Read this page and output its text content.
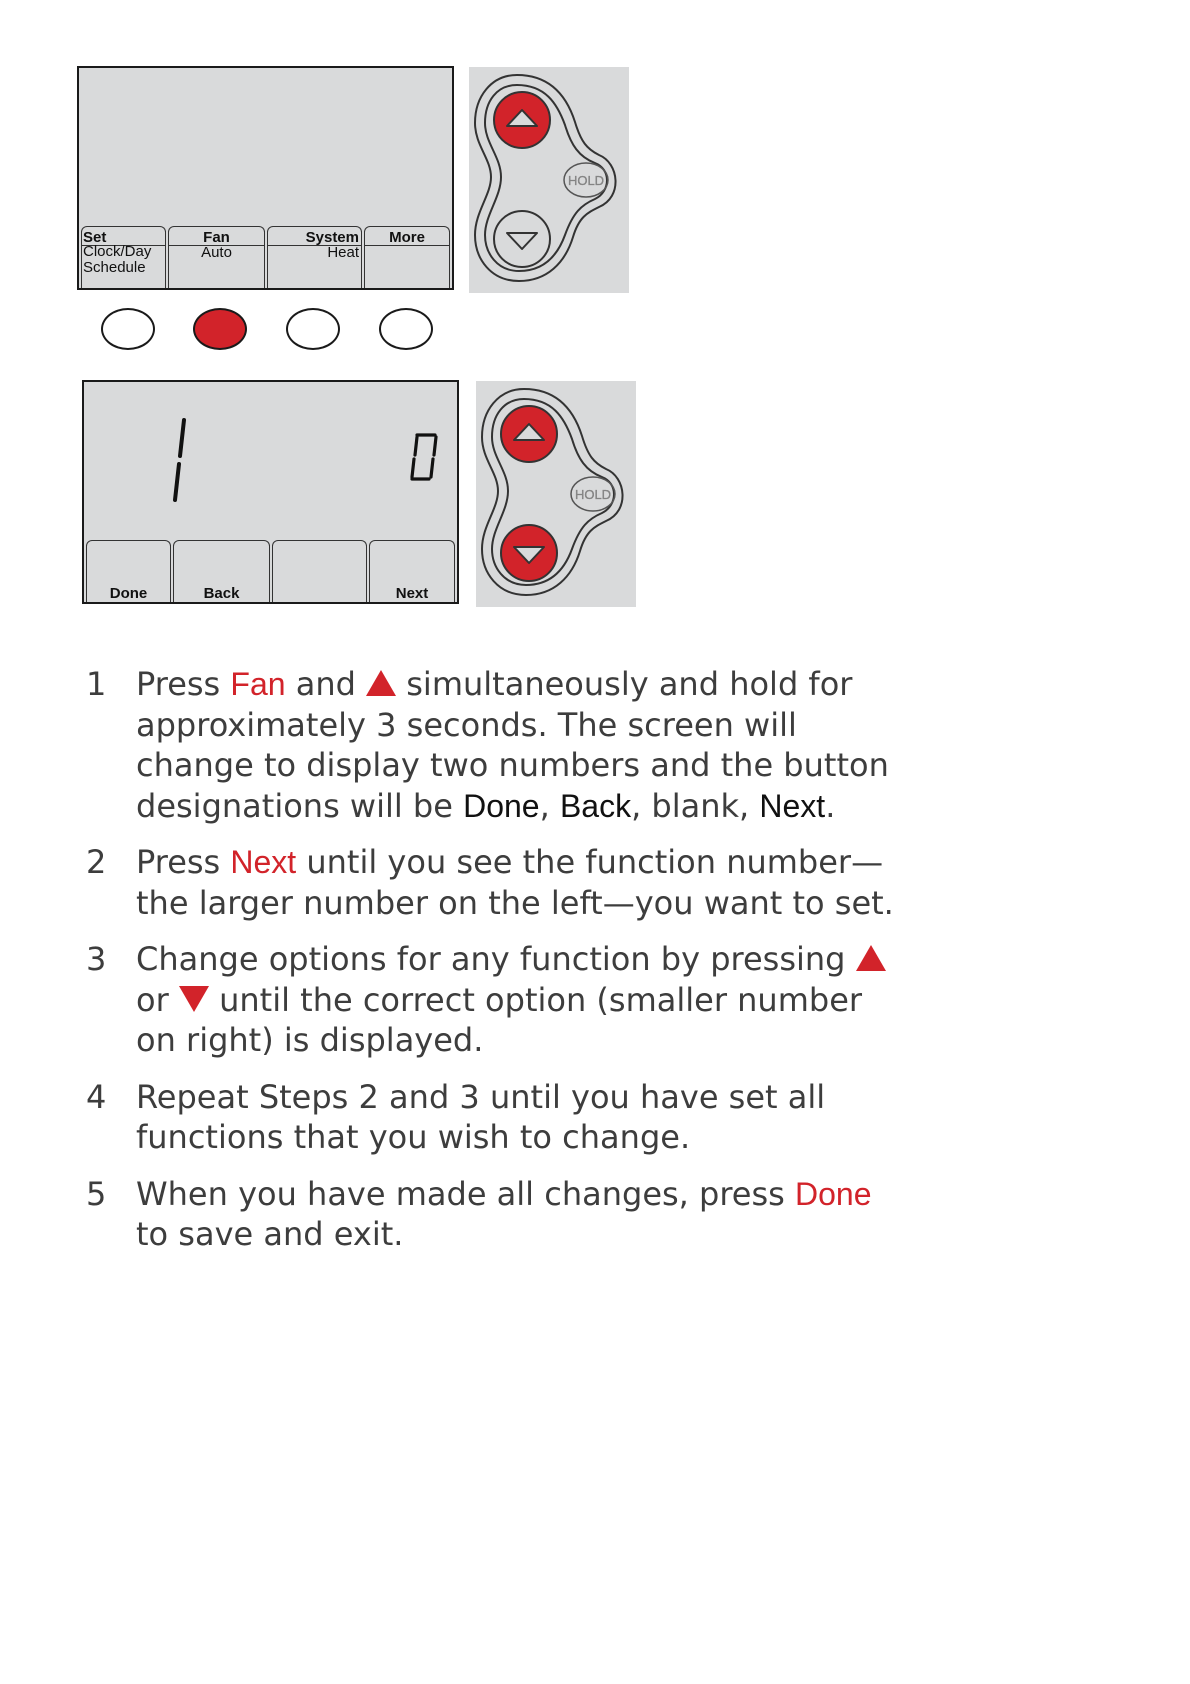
Set
Clock/Day
Schedule
Fan
Auto
System
Heat
More
HOLD
Done	Back	Next
HOLD
1 Press Fan and  simultaneously and hold for approximately 3 seconds. The screen will change to display two numbers and the button designations will be Done, Back, blank, Next.
2 Press Next until you see the function number—the larger number on the left—you want to set.
3 Change options for any function by pressing  or  until the correct option (smaller number on right) is displayed.
4 Repeat Steps 2 and 3 until you have set all functions that you wish to change.
5 When you have made all changes, press Done to save and exit.
